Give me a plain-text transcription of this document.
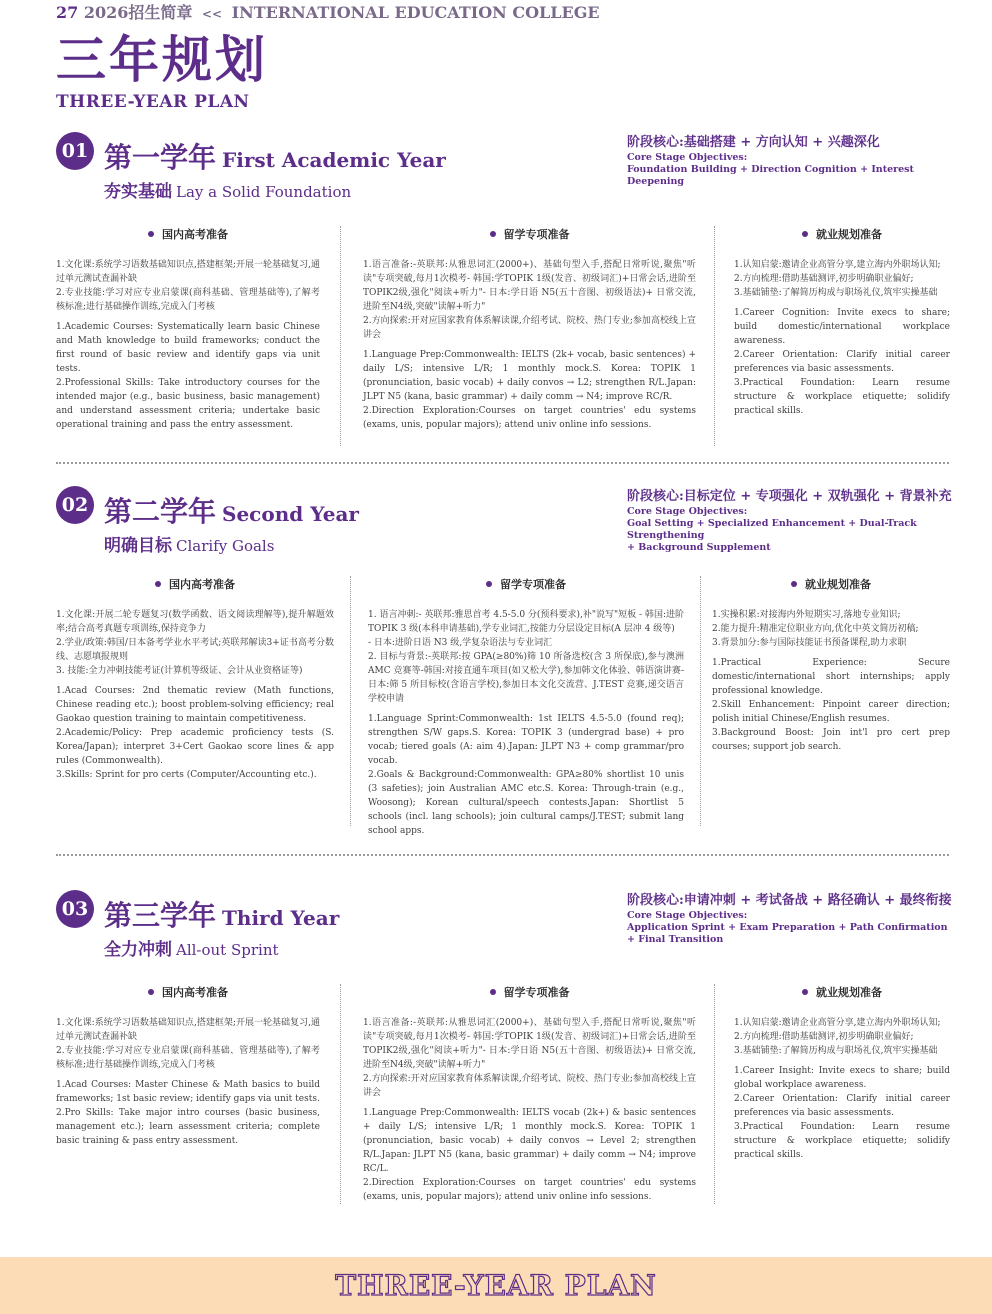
27 2026招生简章 << INTERNATIONAL EDUCATION COLLEGE
三年规划
THREE-YEAR PLAN
01 第一学年 First Academic Year
夯实基础 Lay a Solid Foundation
阶段核心:基础搭建 + 方向认知 + 兴趣深化
Core Stage Objectives:
Foundation Building + Direction Cognition + Interest Deepening
国内高考准备
1.文化课:系统学习语数基础知识点,搭建框架;开展一轮基础复习,通过单元测试查漏补缺
2.专业技能:学习对应专业启蒙课(商科基础、管理基础等),了解考核标准;进行基础操作训练,完成入门考核
1.Academic Courses: Systematically learn basic Chinese and Math knowledge to build frameworks; conduct the first round of basic review and identify gaps via unit tests.
2.Professional Skills: Take introductory courses for the intended major (e.g., basic business, basic management) and understand assessment criteria; undertake basic operational training and pass the entry assessment.
留学专项准备
1.语言准备:-英联邦:从雅思词汇(2000+)、基础句型入手,搭配日常听说,聚焦"听读"专项突破,每月1次模考- 韩国:学TOPIK 1级(发音、初级词汇)+日常会话,进阶至TOPIK2级,强化"阅读+听力"- 日本:学日语 N5(五十音图、初级语法)+ 日常交流,进阶至N4级,突破"读解+听力"
2.方向探索:开对应国家教育体系解读课,介绍考试、院校、热门专业;参加高校线上宣讲会
1.Language Prep:Commonwealth: IELTS (2k+ vocab, basic sentences) + daily L/S; intensive L/R; 1 monthly mock.S. Korea: TOPIK 1 (pronunciation, basic vocab) + daily convos → L2; strengthen R/L.Japan: JLPT N5 (kana, basic grammar) + daily comm → N4; improve RC/R.
2.Direction Exploration:Courses on target countries' edu systems (exams, unis, popular majors); attend univ online info sessions.
就业规划准备
1.认知启蒙:邀请企业高管分享,建立海内外职场认知;
2.方向梳理:借助基础测评,初步明确职业偏好;
3.基础铺垫:了解简历构成与职场礼仪,筑牢实操基础
1.Career Cognition: Invite execs to share; build domestic/international workplace awareness.
2.Career Orientation: Clarify initial career preferences via basic assessments.
3.Practical Foundation: Learn resume structure & workplace etiquette; solidify practical skills.
02 第二学年 Second Year
明确目标 Clarify Goals
阶段核心:目标定位 + 专项强化 + 双轨强化 + 背景补充
Core Stage Objectives:
Goal Setting + Specialized Enhancement + Dual-Track Strengthening
+ Background Supplement
国内高考准备
1.文化课:开展二轮专题复习(数学函数、语文阅读理解等),提升解题效率;结合高考真题专项训练,保持竞争力
2.学业/政策:韩国/日本备考学业水平考试;英联邦解读3+证书高考分数线、志愿填报规则
3. 技能:全力冲刺技能考证(计算机等级证、会计从业资格证等)
1.Acad Courses: 2nd thematic review (Math functions, Chinese reading etc.); boost problem-solving efficiency; real Gaokao question training to maintain competitiveness.
2.Academic/Policy: Prep academic proficiency tests (S. Korea/Japan); interpret 3+Cert Gaokao score lines & app rules (Commonwealth).
3.Skills: Sprint for pro certs (Computer/Accounting etc.).
留学专项准备
1. 语言冲刺:- 英联邦:雅思首考 4.5-5.0 分(预科要求),补"说写"短板 - 韩国:进阶 TOPIK 3 级(本科申请基础),学专业词汇,按能力分层设定目标(A 层冲 4 级等)
- 日本:进阶日语 N3 级,学复杂语法与专业词汇
2. 目标与背景:-英联邦:按 GPA(≥80%)筛 10 所备选校(含 3 所保底),参与澳洲 AMC 竞赛等-韩国:对接直通车项目(如又松大学),参加韩文化体验、韩语演讲赛-日本:筛 5 所目标校(含语言学校),参加日本文化交流营、J.TEST 竞赛,递交语言学校申请
1.Language Sprint:Commonwealth: 1st IELTS 4.5-5.0 (found req); strengthen S/W gaps.S. Korea: TOPIK 3 (undergrad base) + pro vocab; tiered goals (A: aim 4).Japan: JLPT N3 + comp grammar/pro vocab.
2.Goals & Background:Commonwealth: GPA≥80% shortlist 10 unis (3 safeties); join Australian AMC etc.S. Korea: Through-train (e.g., Woosong); Korean cultural/speech contests.Japan: Shortlist 5 schools (incl. lang schools); join cultural camps/J.TEST; submit lang school apps.
就业规划准备
1.实操积累:对接海内外短期实习,落地专业知识;
2.能力提升:精准定位职业方向,优化中英文简历初稿;
3.背景加分:参与国际技能证书预备课程,助力求职
1.Practical Experience: Secure domestic/international short internships; apply professional knowledge.
2.Skill Enhancement: Pinpoint career direction; polish initial Chinese/English resumes.
3.Background Boost: Join int'l pro cert prep courses; support job search.
03 第三学年 Third Year
全力冲刺 All-out Sprint
阶段核心:申请冲刺 + 考试备战 + 路径确认 + 最终衔接
Core Stage Objectives:
Application Sprint + Exam Preparation + Path Confirmation
+ Final Transition
国内高考准备
1.文化课:系统学习语数基础知识点,搭建框架;开展一轮基础复习,通过单元测试查漏补缺
2.专业技能:学习对应专业启蒙课(商科基础、管理基础等),了解考核标准;进行基础操作训练,完成入门考核
1.Acad Courses: Master Chinese & Math basics to build frameworks; 1st basic review; identify gaps via unit tests.
2.Pro Skills: Take major intro courses (basic business, management etc.); learn assessment criteria; complete basic training & pass entry assessment.
留学专项准备
1.语言准备:-英联邦:从雅思词汇(2000+)、基础句型入手,搭配日常听说,聚焦"听读"专项突破,每月1次模考- 韩国:学TOPIK 1级(发音、初级词汇)+日常会话,进阶至TOPIK2级,强化"阅读+听力"- 日本:学日语 N5(五十音图、初级语法)+ 日常交流,进阶至N4级,突破"读解+听力"
2.方向探索:开对应国家教育体系解读课,介绍考试、院校、热门专业;参加高校线上宣讲会
1.Language Prep:Commonwealth: IELTS vocab (2k+) & basic sentences + daily L/S; intensive L/R; 1 monthly mock.S. Korea: TOPIK 1 (pronunciation, basic vocab) + daily convos → Level 2; strengthen R/L.Japan: JLPT N5 (kana, basic grammar) + daily comm → N4; improve RC/L.
2.Direction Exploration:Courses on target countries' edu systems (exams, unis, popular majors); attend univ online info sessions.
就业规划准备
1.认知启蒙:邀请企业高管分享,建立海内外职场认知;
2.方向梳理:借助基础测评,初步明确职业偏好;
3.基础铺垫:了解简历构成与职场礼仪,筑牢实操基础
1.Career Insight: Invite execs to share; build global workplace awareness.
2.Career Orientation: Clarify initial career preferences via basic assessments.
3.Practical Foundation: Learn resume structure & workplace etiquette; solidify practical skills.
THREE-YEAR PLAN
